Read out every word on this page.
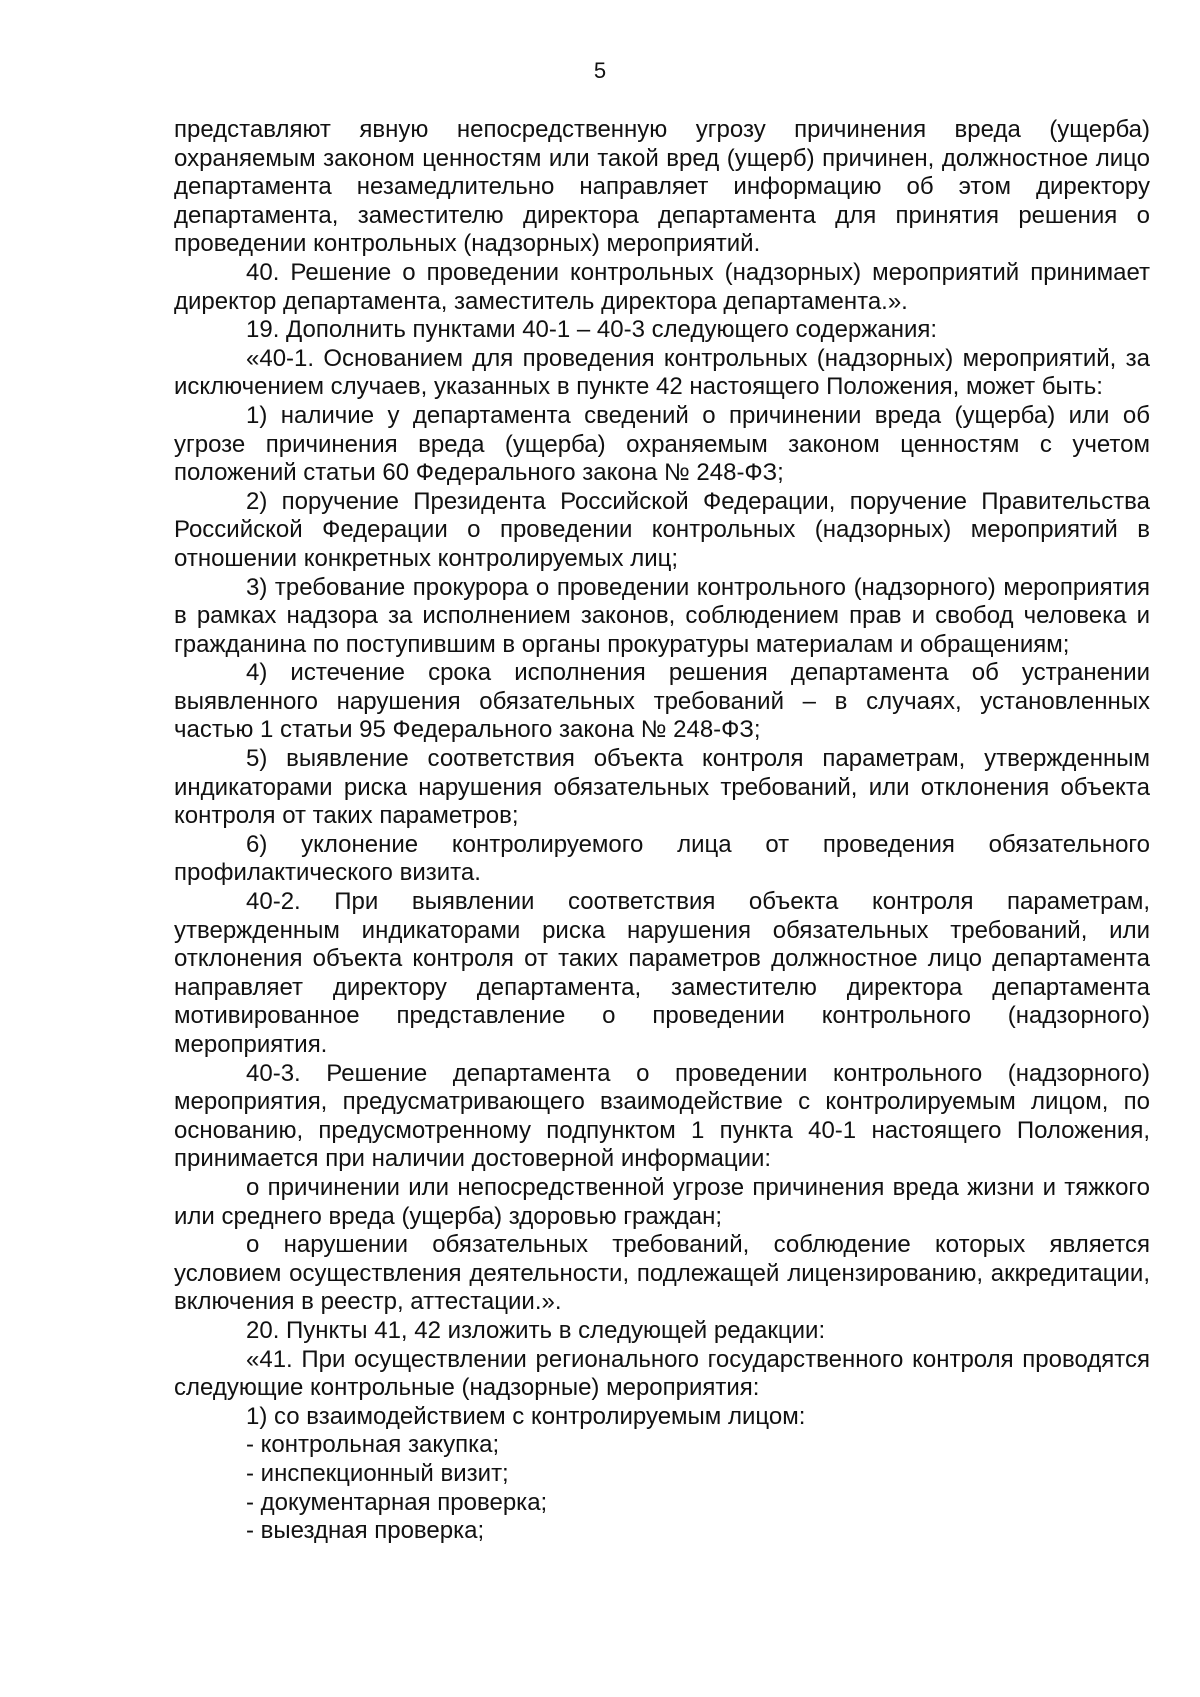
5

представляют явную непосредственную угрозу причинения вреда (ущерба) охраняемым законом ценностям или такой вред (ущерб) причинен, должностное лицо департамента незамедлительно направляет информацию об этом директору департамента, заместителю директора департамента для принятия решения о проведении контрольных (надзорных) мероприятий.

40. Решение о проведении контрольных (надзорных) мероприятий принимает директор департамента, заместитель директора департамента.».

19. Дополнить пунктами 40-1 – 40-3 следующего содержания:

«40-1. Основанием для проведения контрольных (надзорных) мероприятий, за исключением случаев, указанных в пункте 42 настоящего Положения, может быть:

1) наличие у департамента сведений о причинении вреда (ущерба) или об угрозе причинения вреда (ущерба) охраняемым законом ценностям с учетом положений статьи 60 Федерального закона № 248-ФЗ;

2) поручение Президента Российской Федерации, поручение Правительства Российской Федерации о проведении контрольных (надзорных) мероприятий в отношении конкретных контролируемых лиц;

3) требование прокурора о проведении контрольного (надзорного) мероприятия в рамках надзора за исполнением законов, соблюдением прав и свобод человека и гражданина по поступившим в органы прокуратуры материалам и обращениям;

4) истечение срока исполнения решения департамента об устранении выявленного нарушения обязательных требований – в случаях, установленных частью 1 статьи 95 Федерального закона № 248-ФЗ;

5) выявление соответствия объекта контроля параметрам, утвержденным индикаторами риска нарушения обязательных требований, или отклонения объекта контроля от таких параметров;

6) уклонение контролируемого лица от проведения обязательного профилактического визита.

40-2. При выявлении соответствия объекта контроля параметрам, утвержденным индикаторами риска нарушения обязательных требований, или отклонения объекта контроля от таких параметров должностное лицо департамента направляет директору департамента, заместителю директора департамента мотивированное представление о проведении контрольного (надзорного) мероприятия.

40-3. Решение департамента о проведении контрольного (надзорного) мероприятия, предусматривающего взаимодействие с контролируемым лицом, по основанию, предусмотренному подпунктом 1 пункта 40-1 настоящего Положения, принимается при наличии достоверной информации:

о причинении или непосредственной угрозе причинения вреда жизни и тяжкого или среднего вреда (ущерба) здоровью граждан;

о нарушении обязательных требований, соблюдение которых является условием осуществления деятельности, подлежащей лицензированию, аккредитации, включения в реестр, аттестации.».

20. Пункты 41, 42 изложить в следующей редакции:

«41. При осуществлении регионального государственного контроля проводятся следующие контрольные (надзорные) мероприятия:

1) со взаимодействием с контролируемым лицом:

- контрольная закупка;

- инспекционный визит;

- документарная проверка;

- выездная проверка;
